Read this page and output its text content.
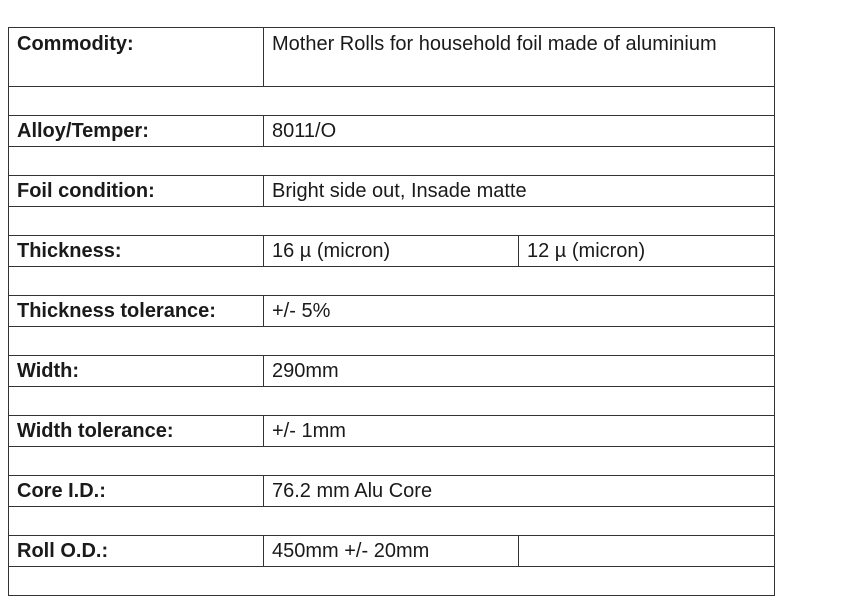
Commodity:	Mother Rolls for household foil made of aluminium	

Alloy/Temper:	8011/O	

Foil condition:	Bright side out, Insade matte	

Thickness:	16 µ (micron)	12 µ (micron)

Thickness tolerance:	+/- 5%	

Width:	290mm	

Width tolerance:	+/- 1mm	

Core I.D.:	76.2 mm Alu Core	

Roll O.D.:	450mm +/- 20mm	
